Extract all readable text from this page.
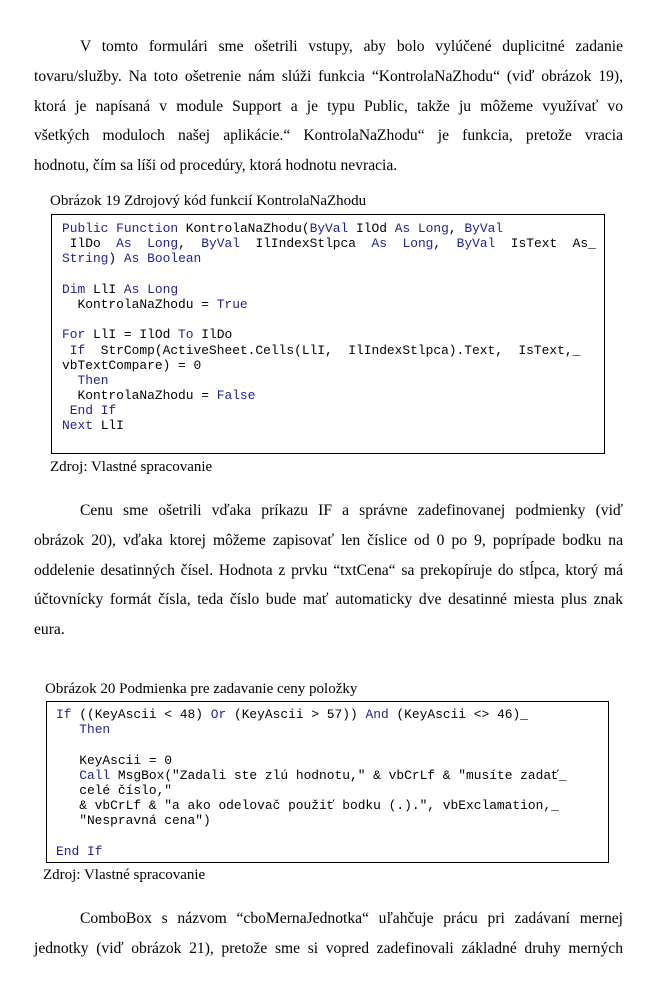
V tomto formulári sme ošetrili vstupy, aby bolo vylúčené duplicitné zadanie
tovaru/služby. Na toto ošetrenie nám slúži funkcia “KontrolaNaZhodu“ (viď obrázok 19),
ktorá je napísaná v module Support a je typu Public, takže ju môžeme využívať vo
všetkých moduloch našej aplikácie.“ KontrolaNaZhodu“ je funkcia, pretože vracia
hodnotu, čím sa líši od procedúry, ktorá hodnotu nevracia.
Obrázok 19 Zdrojový kód funkcií KontrolaNaZhodu
Public Function KontrolaNaZhodu(ByVal IlOd As Long, ByVal
IlDo  As Long,  ByVal  IlIndexStlpca  As Long,  ByVal  IsText  As_
String) As Boolean

Dim LlI As Long
KontrolaNaZhodu = True

For LlI = IlOd To IlDo
If  StrComp(ActiveSheet.Cells(LlI,  IlIndexStlpca).Text,  IsText,_
vbTextCompare) = 0
Then
KontrolaNaZhodu = False
End If
Next LlI
Zdroj: Vlastné spracovanie
Cenu sme ošetrili vďaka príkazu IF a správne zadefinovanej podmienky (viď
obrázok 20), vďaka ktorej môžeme zapisovať len číslice od 0 po 9, poprípade bodku na
oddelenie desatinných čísel. Hodnota z prvku “txtCena“ sa prekopíruje do stĺpca, ktorý má
účtovnícky formát čísla, teda číslo bude mať automaticky dve desatinné miesta plus znak
eura.
Obrázok 20 Podmienka pre zadavanie ceny položky
If ((KeyAscii < 48) Or (KeyAscii > 57)) And (KeyAscii <> 46)_
Then

KeyAscii = 0
Call MsgBox("Zadali ste zlú hodnotu," & vbCrLf & "musíte zadať_
celé číslo,"
& vbCrLf & "a ako odelovač použiť bodku (.).", vbExclamation,_
"Nespravná cena")

End If
Zdroj: Vlastné spracovanie
ComboBox s názvom “cboMernaJednotka“ uľahčuje prácu pri zadávaní mernej
jednotky (viď obrázok 21), pretože sme si vopred zadefinovali základné druhy merných
